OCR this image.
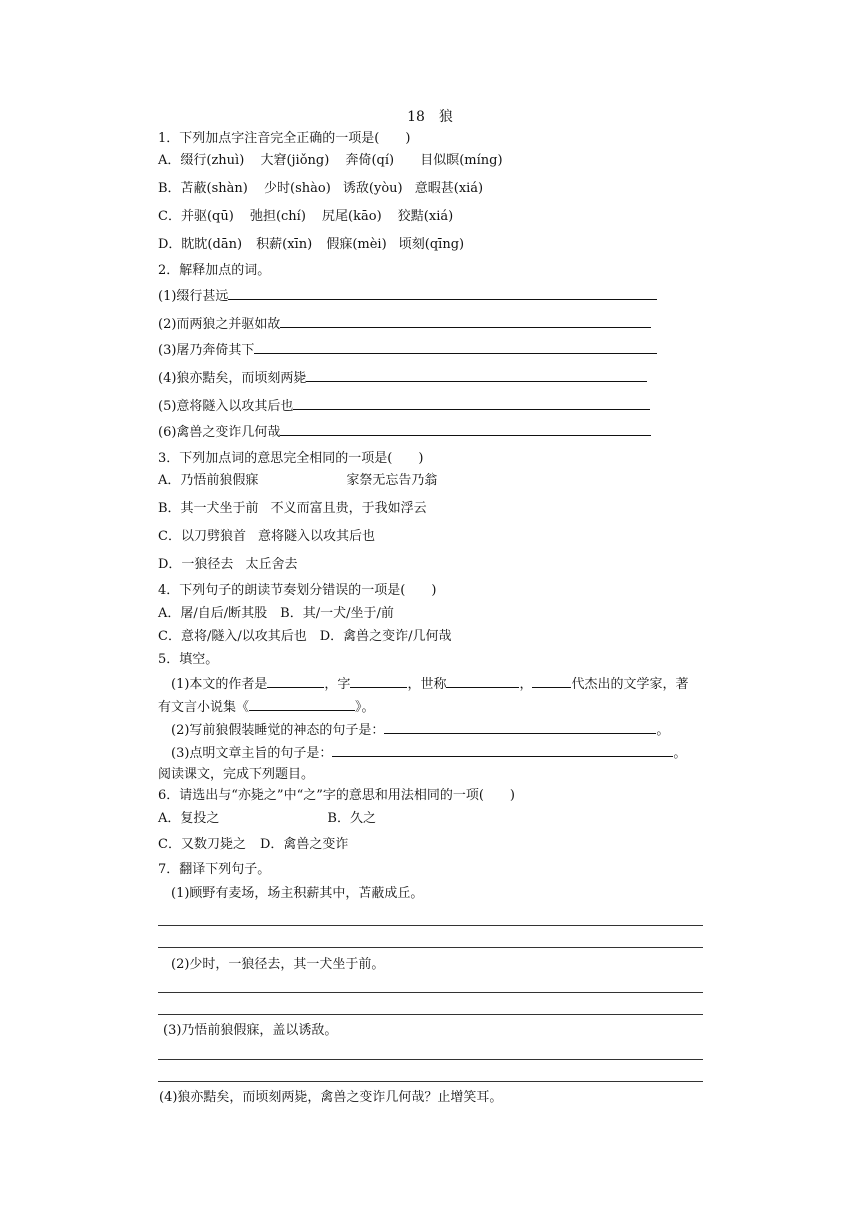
18　狼
1．下列加点字注音完全正确的一项是(　　)
A．缀行(zhuì) 大窘(jiǒng) 奔倚(qí) 目似瞑(míng)
B．苫蔽(shàn) 少时(shào) 诱敌(yòu) 意暇甚(xiá)
C．并驱(qū) 弛担(chí) 尻尾(kāo) 狡黠(xiá)
D．眈眈(dān) 积薪(xīn) 假寐(mèi) 顷刻(qīng)
2．解释加点的词。
(1)缀行甚远
(2)而两狼之并驱如故
(3)屠乃奔倚其下
(4)狼亦黠矣，而顷刻两毙
(5)意将隧入以攻其后也
(6)禽兽之变诈几何哉
3．下列加点词的意思完全相同的一项是(　　)
A．乃悟前狼假寐	家祭无忘告乃翁
B．其一犬坐于前 不义而富且贵，于我如浮云
C．以刀劈狼首 意将隧入以攻其后也
D．一狼径去 太丘舍去
4．下列句子的朗读节奏划分错误的一项是(　　)
A．屠/自后/断其股　B．其/一犬/坐于/前
C．意将/隧入/以攻其后也　D．禽兽之变诈/几何哉
5．填空。
(1)本文的作者是	，字	，世称	，	代杰出的文学家，著
有文言小说集《	》。
(2)写前狼假装睡觉的神态的句子是：	。
(3)点明文章主旨的句子是：	。
阅读课文，完成下列题目。
6．请选出与“亦毙之”中“之”字的意思和用法相同的一项(　　)
A．复投之	B．久之
C．又数刀毙之 D．禽兽之变诈
7．翻译下列句子。
(1)顾野有麦场，场主积薪其中，苫蔽成丘。
(2)少时，一狼径去，其一犬坐于前。
(3)乃悟前狼假寐，盖以诱敌。
(4)狼亦黠矣，而顷刻两毙，禽兽之变诈几何哉？止增笑耳。
